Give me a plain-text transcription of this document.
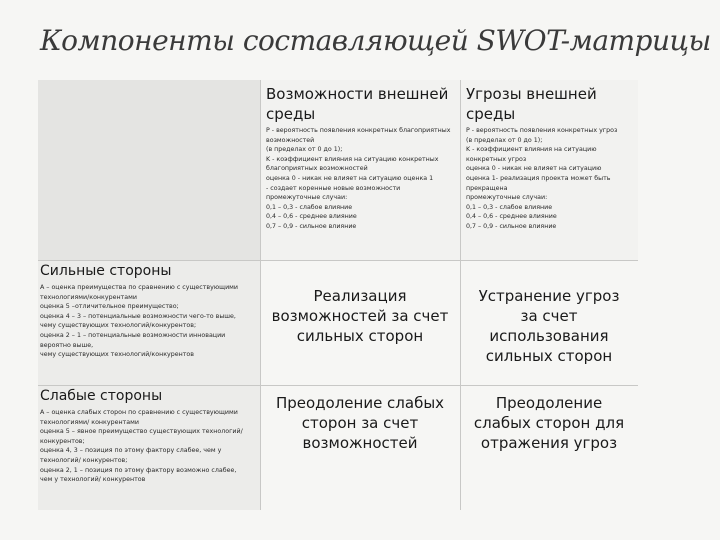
Компоненты составляющей SWOT-матрицы
Возможности внешней среды
P - вероятность появления конкретных благоприятных возможностей
(в пределах от 0 до 1);
K - коэффициент влияния на ситуацию конкретных
благоприятных возможностей
оценка 0 - никак не влияет на ситуацию оценка 1
- создает коренные новые возможности
промежуточные случаи:
0,1 – 0,3 - слабое влияние
0,4 – 0,6 - среднее влияние
0,7 – 0,9 - сильное влияние
Угрозы внешней среды
P - вероятность появления конкретных угроз
(в пределах от 0 до 1);
K - коэффициент влияния на ситуацию конкретных угроз
оценка 0 - никак не влияет на ситуацию
оценка 1- реализация проекта может быть прекращена
промежуточные случаи:
0,1 – 0,3 - слабое влияние
0,4 – 0,6 - среднее влияние
0,7 – 0,9 - сильное влияние
Сильные стороны
A – оценка преимущества по сравнению с существующими технологиями/конкурентами
оценка 5 –отличительное преимущество;
оценка 4 – 3 – потенциальные возможности чего-то выше,
чему существующих технологий/конкурентов;
оценка 2 – 1 – потенциальные возможности инновации вероятно выше,
чему существующих технологий/конкурентов
Реализация возможностей за счет сильных сторон
Устранение угроз за счет использования сильных сторон
Слабые стороны
A – оценка слабых сторон по сравнению с существующими технологиями/ конкурентами
оценка 5 – явное преимущество существующих технологий/ конкурентов;
оценка 4, 3 – позиция по этому фактору слабее, чем у технологий/ конкурентов;
оценка 2, 1 – позиция по этому фактору возможно слабее,
чем у технологий/ конкурентов
Преодоление слабых сторон за счет возможностей
Преодоление слабых сторон для отражения угроз
